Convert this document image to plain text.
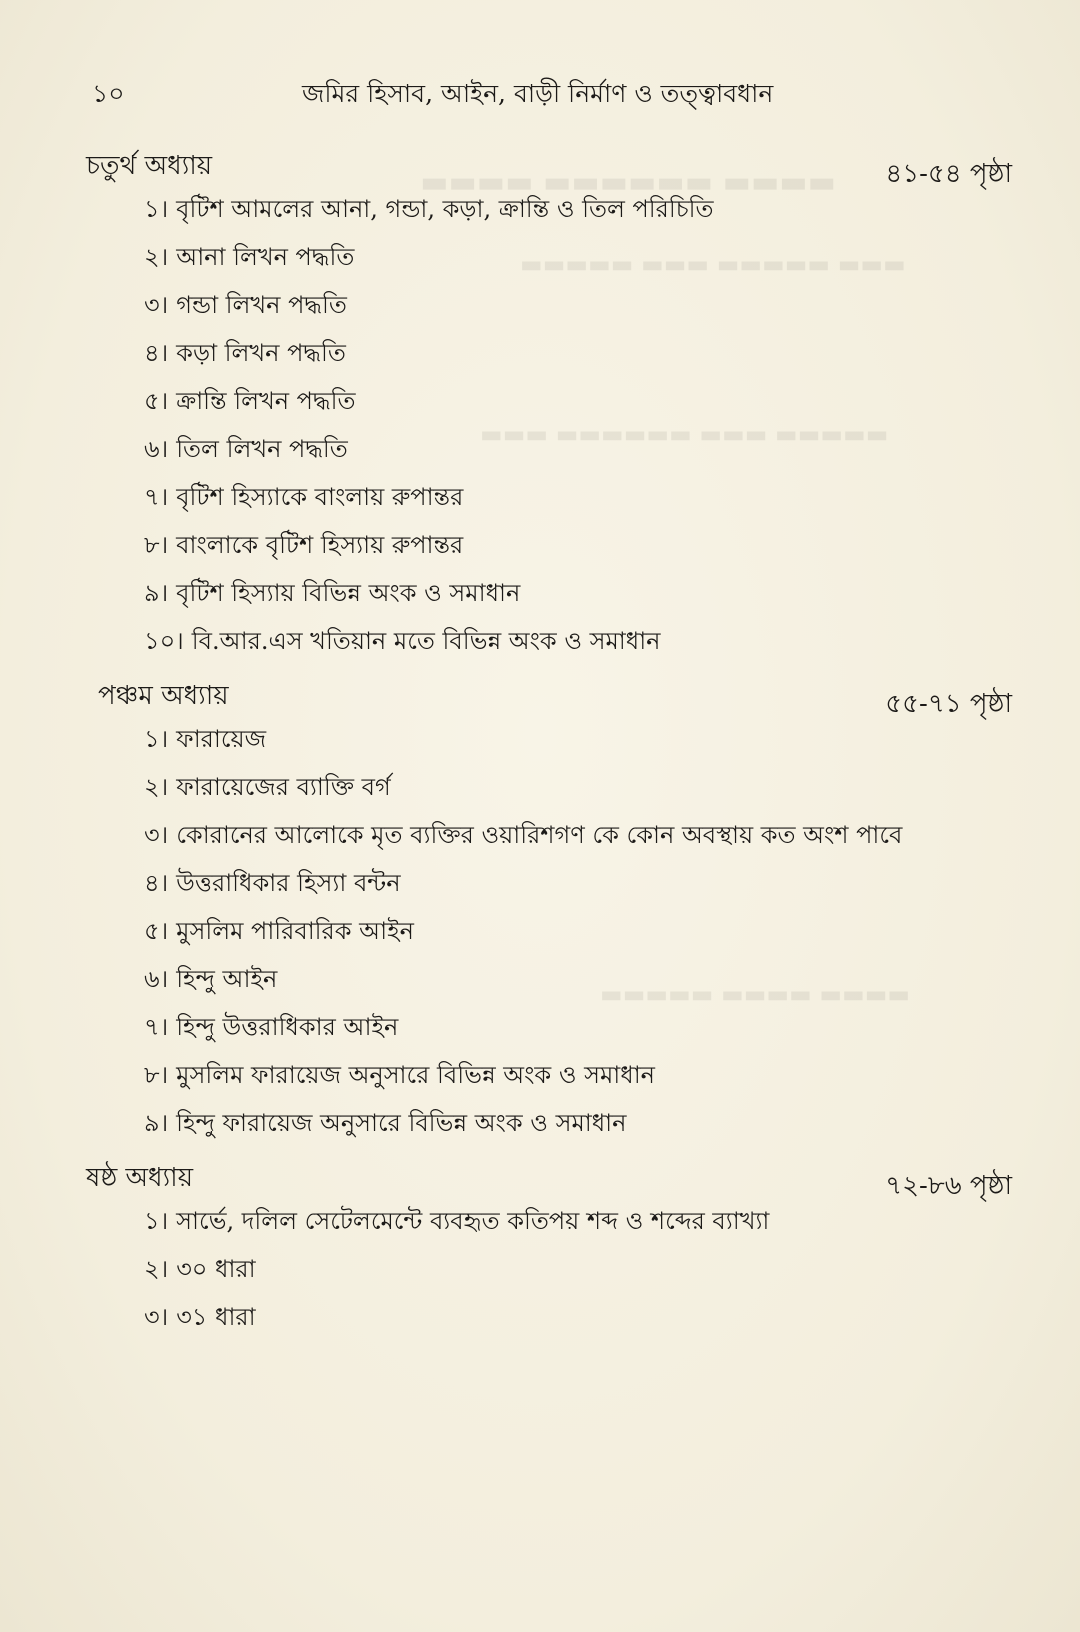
▬▬▬▬ ▬▬▬▬▬▬ ▬▬▬▬
▬▬▬ ▬▬▬▬▬ ▬▬▬ ▬▬▬▬▬
▬▬▬▬▬ ▬▬▬ ▬▬▬▬▬▬ ▬▬▬
▬▬▬▬ ▬▬▬▬ ▬▬▬▬▬
১০	জমির হিসাব, আইন, বাড়ী নির্মাণ ও তত্ত্বাবধান
চতুর্থ অধ্যায়	৪১-৫৪ পৃষ্ঠা
১। বৃটিশ আমলের আনা, গন্ডা, কড়া, ক্রান্তি ও তিল পরিচিতি
২। আনা লিখন পদ্ধতি
৩। গন্ডা লিখন পদ্ধতি
৪। কড়া লিখন পদ্ধতি
৫। ক্রান্তি লিখন পদ্ধতি
৬। তিল লিখন পদ্ধতি
৭। বৃটিশ হিস্যাকে বাংলায় রুপান্তর
৮। বাংলাকে বৃটিশ হিস্যায় রুপান্তর
৯। বৃটিশ হিস্যায় বিভিন্ন অংক ও সমাধান
১০। বি.আর.এস খতিয়ান মতে বিভিন্ন অংক ও সমাধান
পঞ্চম অধ্যায়	৫৫-৭১ পৃষ্ঠা
১। ফারায়েজ
২। ফারায়েজের ব্যাক্তি বর্গ
৩। কোরানের আলোকে মৃত ব্যক্তির ওয়ারিশগণ কে কোন অবস্থায় কত অংশ পাবে
৪। উত্তরাধিকার হিস্যা বন্টন
৫। মুসলিম পারিবারিক আইন
৬। হিন্দু আইন
৭। হিন্দু উত্তরাধিকার আইন
৮। মুসলিম ফারায়েজ অনুসারে বিভিন্ন অংক ও সমাধান
৯। হিন্দু ফারায়েজ অনুসারে বিভিন্ন অংক ও সমাধান
ষষ্ঠ অধ্যায়	৭২-৮৬ পৃষ্ঠা
১। সার্ভে, দলিল সেটেলমেন্টে ব্যবহৃত কতিপয় শব্দ ও শব্দের ব্যাখ্যা
২। ৩০ ধারা
৩। ৩১ ধারা
